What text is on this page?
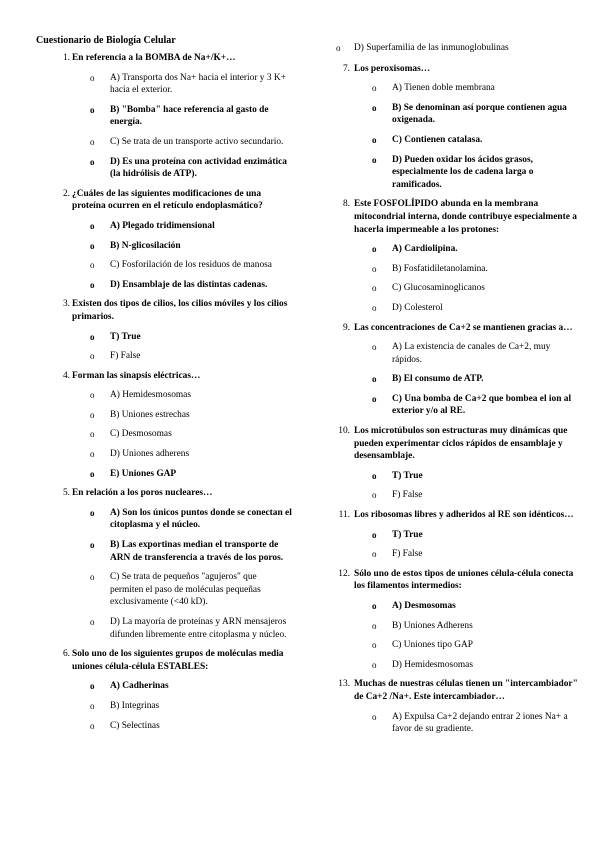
Cuestionario de Biología Celular
1. En referencia a la BOMBA de Na+/K+…
o A) Transporta dos Na+ hacia el interior y 3 K+ hacia el exterior.
o B) "Bomba" hace referencia al gasto de energía.
o C) Se trata de un transporte activo secundario.
o D) Es una proteína con actividad enzimática (la hidrólisis de ATP).
2. ¿Cuáles de las siguientes modificaciones de una proteína ocurren en el retículo endoplasmático?
o A) Plegado tridimensional
o B) N-glicosilación
o C) Fosforilación de los residuos de manosa
o D) Ensamblaje de las distintas cadenas.
3. Existen dos tipos de cilios, los cilios móviles y los cilios primarios.
o T) True
o F) False
4. Forman las sinapsis eléctricas…
o A) Hemidesmosomas
o B) Uniones estrechas
o C) Desmosomas
o D) Uniones adherens
o E) Uniones GAP
5. En relación a los poros nucleares…
o A) Son los únicos puntos donde se conectan el citoplasma y el núcleo.
o B) Las exportinas median el transporte de ARN de transferencia a través de los poros.
o C) Se trata de pequeños "agujeros" que permiten el paso de moléculas pequeñas exclusivamente (<40 kD).
o D) La mayoría de proteínas y ARN mensajeros difunden libremente entre citoplasma y núcleo.
6. Solo uno de los siguientes grupos de moléculas media uniones célula-célula ESTABLES:
o A) Cadherinas
o B) Integrinas
o C) Selectinas
o D) Superfamilia de las inmunoglobulinas
7. Los peroxisomas…
o A) Tienen doble membrana
o B) Se denominan así porque contienen agua oxigenada.
o C) Contienen catalasa.
o D) Pueden oxidar los ácidos grasos, especialmente los de cadena larga o ramificados.
8. Este FOSFOLÍPIDO abunda en la membrana mitocondrial interna, donde contribuye especialmente a hacerla impermeable a los protones:
o A) Cardiolipina.
o B) Fosfatidiletanolamina.
o C) Glucosaminoglicanos
o D) Colesterol
9. Las concentraciones de Ca+2 se mantienen gracias a…
o A) La existencia de canales de Ca+2, muy rápidos.
o B) El consumo de ATP.
o C) Una bomba de Ca+2 que bombea el ion al exterior y/o al RE.
10. Los microtúbulos son estructuras muy dinámicas que pueden experimentar ciclos rápidos de ensamblaje y desensamblaje.
o T) True
o F) False
11. Los ribosomas libres y adheridos al RE son idénticos…
o T) True
o F) False
12. Sólo uno de estos tipos de uniones célula-célula conecta los filamentos intermedios:
o A) Desmosomas
o B) Uniones Adherens
o C) Uniones tipo GAP
o D) Hemidesmosomas
13. Muchas de nuestras células tienen un "intercambiador" de Ca+2 /Na+. Este intercambiador…
o A) Expulsa Ca+2 dejando entrar 2 iones Na+ a favor de su gradiente.
